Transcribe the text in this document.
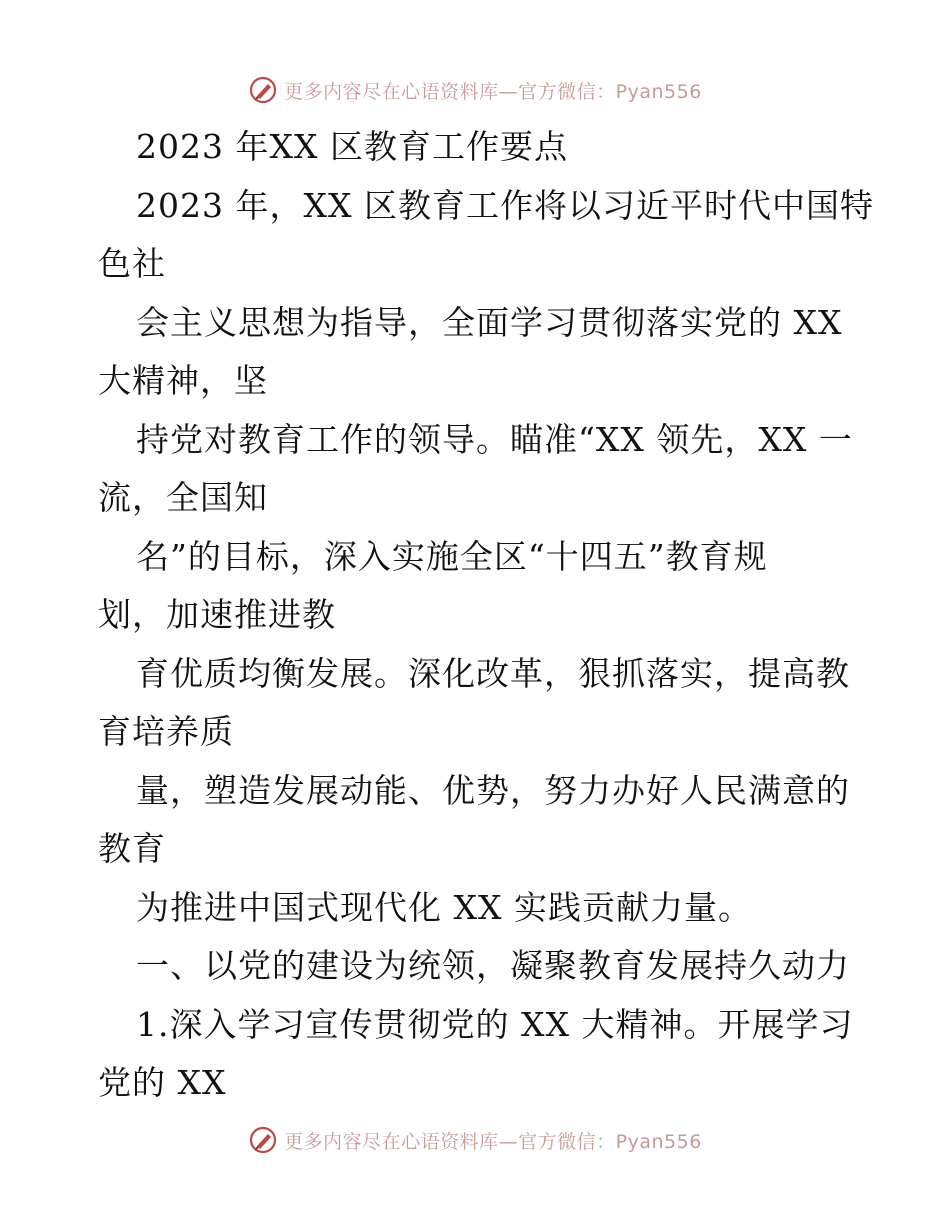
更多内容尽在心语资料库—官方微信：Pyan556
2023 年XX 区教育工作要点
2023 年，XX 区教育工作将以习近平时代中国特
色社
会主义思想为指导，全面学习贯彻落实党的 XX
大精神，坚
持党对教育工作的领导。瞄准“XX 领先，XX 一
流，全国知
名”的目标，深入实施全区“十四五”教育规
划，加速推进教
育优质均衡发展。深化改革，狠抓落实，提高教
育培养质
量，塑造发展动能、优势，努力办好人民满意的
教育
为推进中国式现代化 XX 实践贡献力量。
一、以党的建设为统领，凝聚教育发展持久动力
1.深入学习宣传贯彻党的 XX 大精神。开展学习
党的 XX
更多内容尽在心语资料库—官方微信：Pyan556
